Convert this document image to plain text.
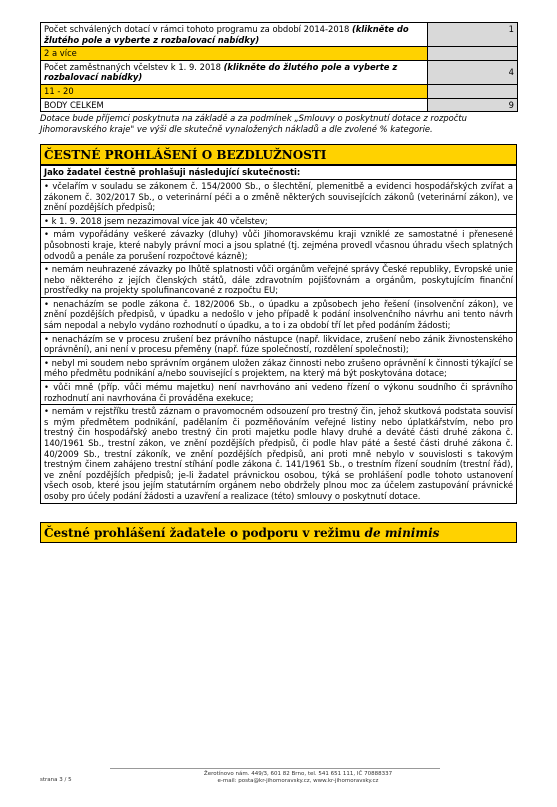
Počet schválených dotací v rámci tohoto programu za období 2014-2018 (klikněte do žlutého pole a vyberte z rozbalovací nabídky)	1
2 a více	
Počet zaměstnaných včelstev k 1. 9. 2018 (klikněte do žlutého pole a vyberte z rozbalovací nabídky)	4
11 - 20	
BODY CELKEM	9

Dotace bude příjemci poskytnuta na základě a za podmínek „Smlouvy o poskytnutí dotace z rozpočtu Jihomoravského kraje" ve výši dle skutečně vynaložených nákladů a dle zvolené % kategorie.

ČESTNÉ PROHLÁŠENÍ O BEZDLUŽNOSTI
Jako žadatel čestně prohlašuji následující skutečnosti:
• včelařím v souladu se zákonem č. 154/2000 Sb., o šlechtění, plemenitbě a evidenci hospodářských zvířat a zákonem č. 302/2017 Sb., o veterinární péči a o změně některých souvisejících zákonů (veterinární zákon), ve znění pozdějších předpisů;
• k 1. 9. 2018 jsem nezazimoval více jak 40 včelstev;
• mám vypořádány veškeré závazky (dluhy) vůči Jihomoravskému kraji vzniklé ze samostatné i přenesené působnosti kraje, které nabyly právní moci a jsou splatné (tj. zejména provedl včasnou úhradu všech splatných odvodů a penále za porušení rozpočtové kázně);
• nemám neuhrazené závazky po lhůtě splatnosti vůči orgánům veřejné správy České republiky, Evropské unie nebo některého z jejích členských států, dále zdravotním pojišťovnám a orgánům, poskytujícím finanční prostředky na projekty spolufinancované z rozpočtu EU;
• nenacházím se podle zákona č. 182/2006 Sb., o úpadku a způsobech jeho řešení (insolvenční zákon), ve znění pozdějších předpisů, v úpadku a nedošlo v jeho případě k podání insolvenčního návrhu ani tento návrh sám nepodal a nebylo vydáno rozhodnutí o úpadku, a to i za období tří let před podáním žádosti;
• nenacházím se v procesu zrušení bez právního nástupce (např. likvidace, zrušení nebo zánik živnostenského oprávnění), ani není v procesu přeměny (např. fúze společností, rozdělení společnosti);
• nebyl mi soudem nebo správním orgánem uložen zákaz činnosti nebo zrušeno oprávnění k činnosti týkající se mého předmětu podnikání a/nebo související s projektem, na který má být poskytována dotace;
• vůči mně (příp. vůči mému majetku) není navrhováno ani vedeno řízení o výkonu soudního či správního rozhodnutí ani navrhována či prováděna exekuce;
• nemám v rejstříku trestů záznam o pravomocném odsouzení pro trestný čin, jehož skutková podstata souvisí s mým předmětem podnikání, padělaním či pozměňováním veřejné listiny nebo úplatkářstvím, nebo pro trestný čin hospodářský anebo trestný čin proti majetku podle hlavy druhé a deváté části druhé zákona č. 140/1961 Sb., trestní zákon, ve znění pozdějších předpisů, či podle hlav páté a šesté části druhé zákona č. 40/2009 Sb., trestní zákoník, ve znění pozdějších předpisů, ani proti mně nebylo v souvislosti s takovým trestným činem zahájeno trestní stíhání podle zákona č. 141/1961 Sb., o trestním řízení soudním (trestní řád), ve znění pozdějších předpisů; je-li žadatel právnickou osobou, týká se prohlášení podle tohoto ustanovení všech osob, které jsou jejím statutárním orgánem nebo obdržely plnou moc za účelem zastupování právnické osoby pro účely podání žádosti a uzavření a realizace (této) smlouvy o poskytnutí dotace.
Čestné prohlášení žadatele o podporu v režimu de minimis
strana 3 / 5
Žerotínovo nám. 449/3, 601 82 Brno, tel. 541 651 111, IČ 70888337
e-mail: posta@kr-jihomoravsky.cz, www.kr-jihomoravsky.cz
